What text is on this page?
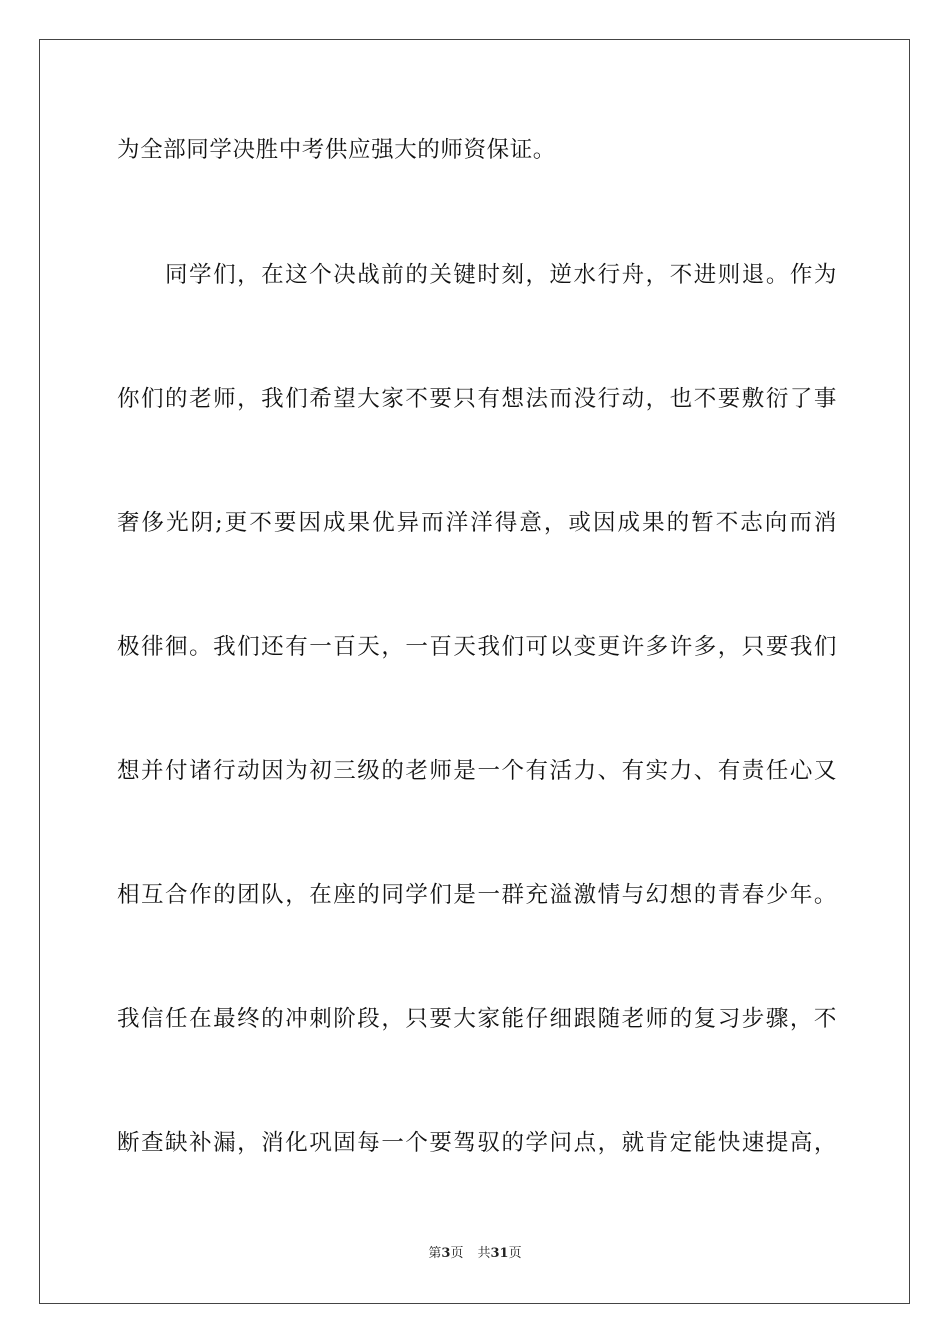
为全部同学决胜中考供应强大的师资保证。
同学们，在这个决战前的关键时刻，逆水行舟，不进则退。作为
你们的老师，我们希望大家不要只有想法而没行动，也不要敷衍了事
奢侈光阴;更不要因成果优异而洋洋得意，或因成果的暂不志向而消
极徘徊。我们还有一百天，一百天我们可以变更许多许多，只要我们
想并付诸行动因为初三级的老师是一个有活力、有实力、有责任心又
相互合作的团队，在座的同学们是一群充溢激情与幻想的青春少年。
我信任在最终的冲刺阶段，只要大家能仔细跟随老师的复习步骤，不
断查缺补漏，消化巩固每一个要驾驭的学问点，就肯定能快速提高，
第3页 共31页
